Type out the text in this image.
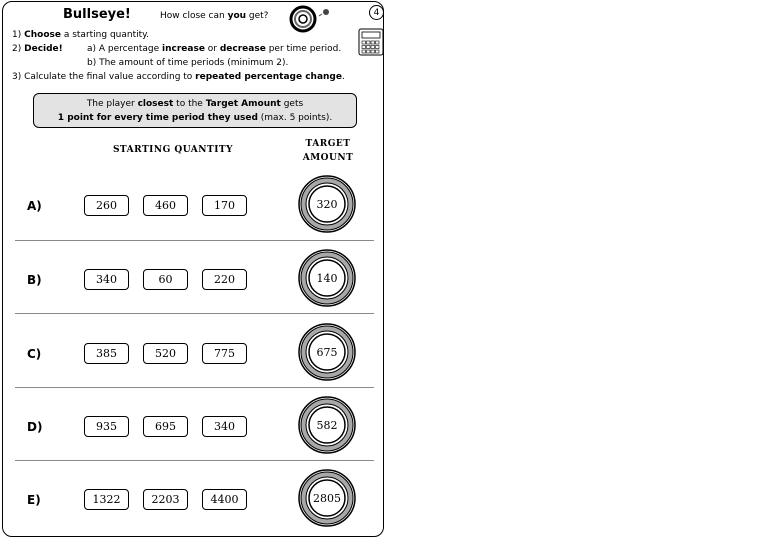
Bullseye!	How close can you get?	4
1) Choose a starting quantity.
2) Decide!	a) A percentage increase or decrease per time period.
b) The amount of time periods (minimum 2).
3) Calculate the final value according to repeated percentage change.
The player closest to the Target Amount gets
1 point for every time period they used (max. 5 points).
STARTING QUANTITY
TARGET
AMOUNT
A)	260	460	170	320
B)	340	60	220	140
C)	385	520	775	675
D)	935	695	340	582
E)	1322	2203	4400	2805
